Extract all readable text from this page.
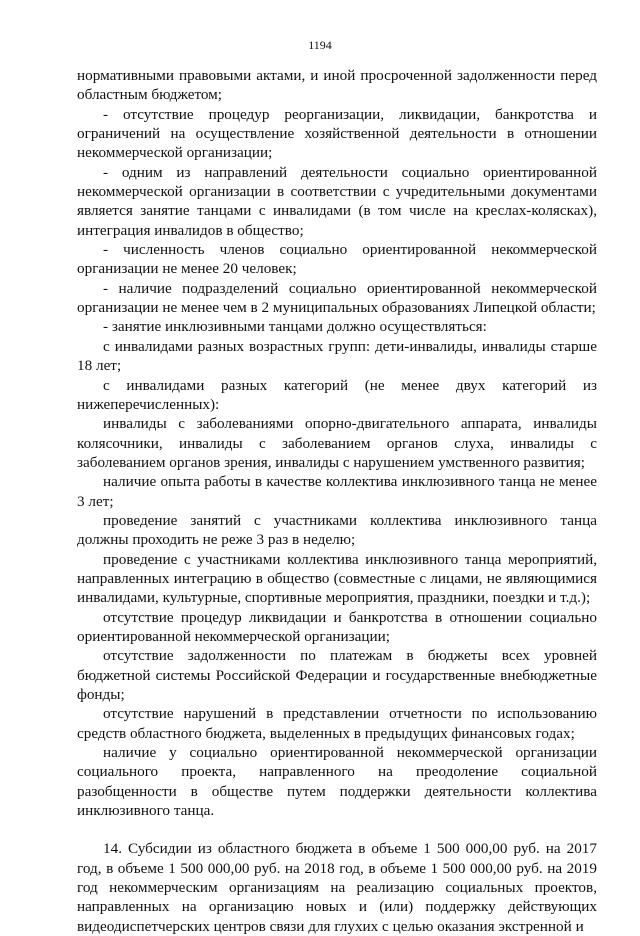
1194

нормативными правовыми актами, и иной просроченной задолженности перед областным бюджетом;

- отсутствие процедур реорганизации, ликвидации, банкротства и ограничений на осуществление хозяйственной деятельности в отношении некоммерческой организации;

- одним из направлений деятельности социально ориентированной некоммерческой организации в соответствии с учредительными документами является занятие танцами с инвалидами (в том числе на креслах-колясках), интеграция инвалидов в общество;

- численность членов социально ориентированной некоммерческой организации не менее 20 человек;

- наличие подразделений социально ориентированной некоммерческой организации не менее чем в 2 муниципальных образованиях Липецкой области;

- занятие инклюзивными танцами должно осуществляться:

с инвалидами разных возрастных групп: дети-инвалиды, инвалиды старше 18 лет;

с инвалидами разных категорий (не менее двух категорий из нижеперечисленных):

инвалиды с заболеваниями опорно-двигательного аппарата, инвалиды колясочники, инвалиды с заболеванием органов слуха, инвалиды с заболеванием органов зрения, инвалиды с нарушением умственного развития;

наличие опыта работы в качестве коллектива инклюзивного танца не менее 3 лет;

проведение занятий с участниками коллектива инклюзивного танца должны проходить не реже 3 раз в неделю;

проведение с участниками коллектива инклюзивного танца мероприятий, направленных интеграцию в общество (совместные с лицами, не являющимися инвалидами, культурные, спортивные мероприятия, праздники, поездки и т.д.);

отсутствие процедур ликвидации и банкротства в отношении социально ориентированной некоммерческой организации;

отсутствие задолженности по платежам в бюджеты всех уровней бюджетной системы Российской Федерации и государственные внебюджетные фонды;

отсутствие нарушений в представлении отчетности по использованию средств областного бюджета, выделенных в предыдущих финансовых годах;

наличие у социально ориентированной некоммерческой организации социального проекта, направленного на преодоление социальной разобщенности в обществе путем поддержки деятельности коллектива инклюзивного танца.

14. Субсидии из областного бюджета в объеме 1 500 000,00 руб. на 2017 год, в объеме 1 500 000,00 руб. на 2018 год, в объеме 1 500 000,00 руб. на 2019 год некоммерческим организациям на реализацию социальных проектов, направленных на организацию новых и (или) поддержку действующих видеодиспетчерских центров связи для глухих с целью оказания экстренной и
